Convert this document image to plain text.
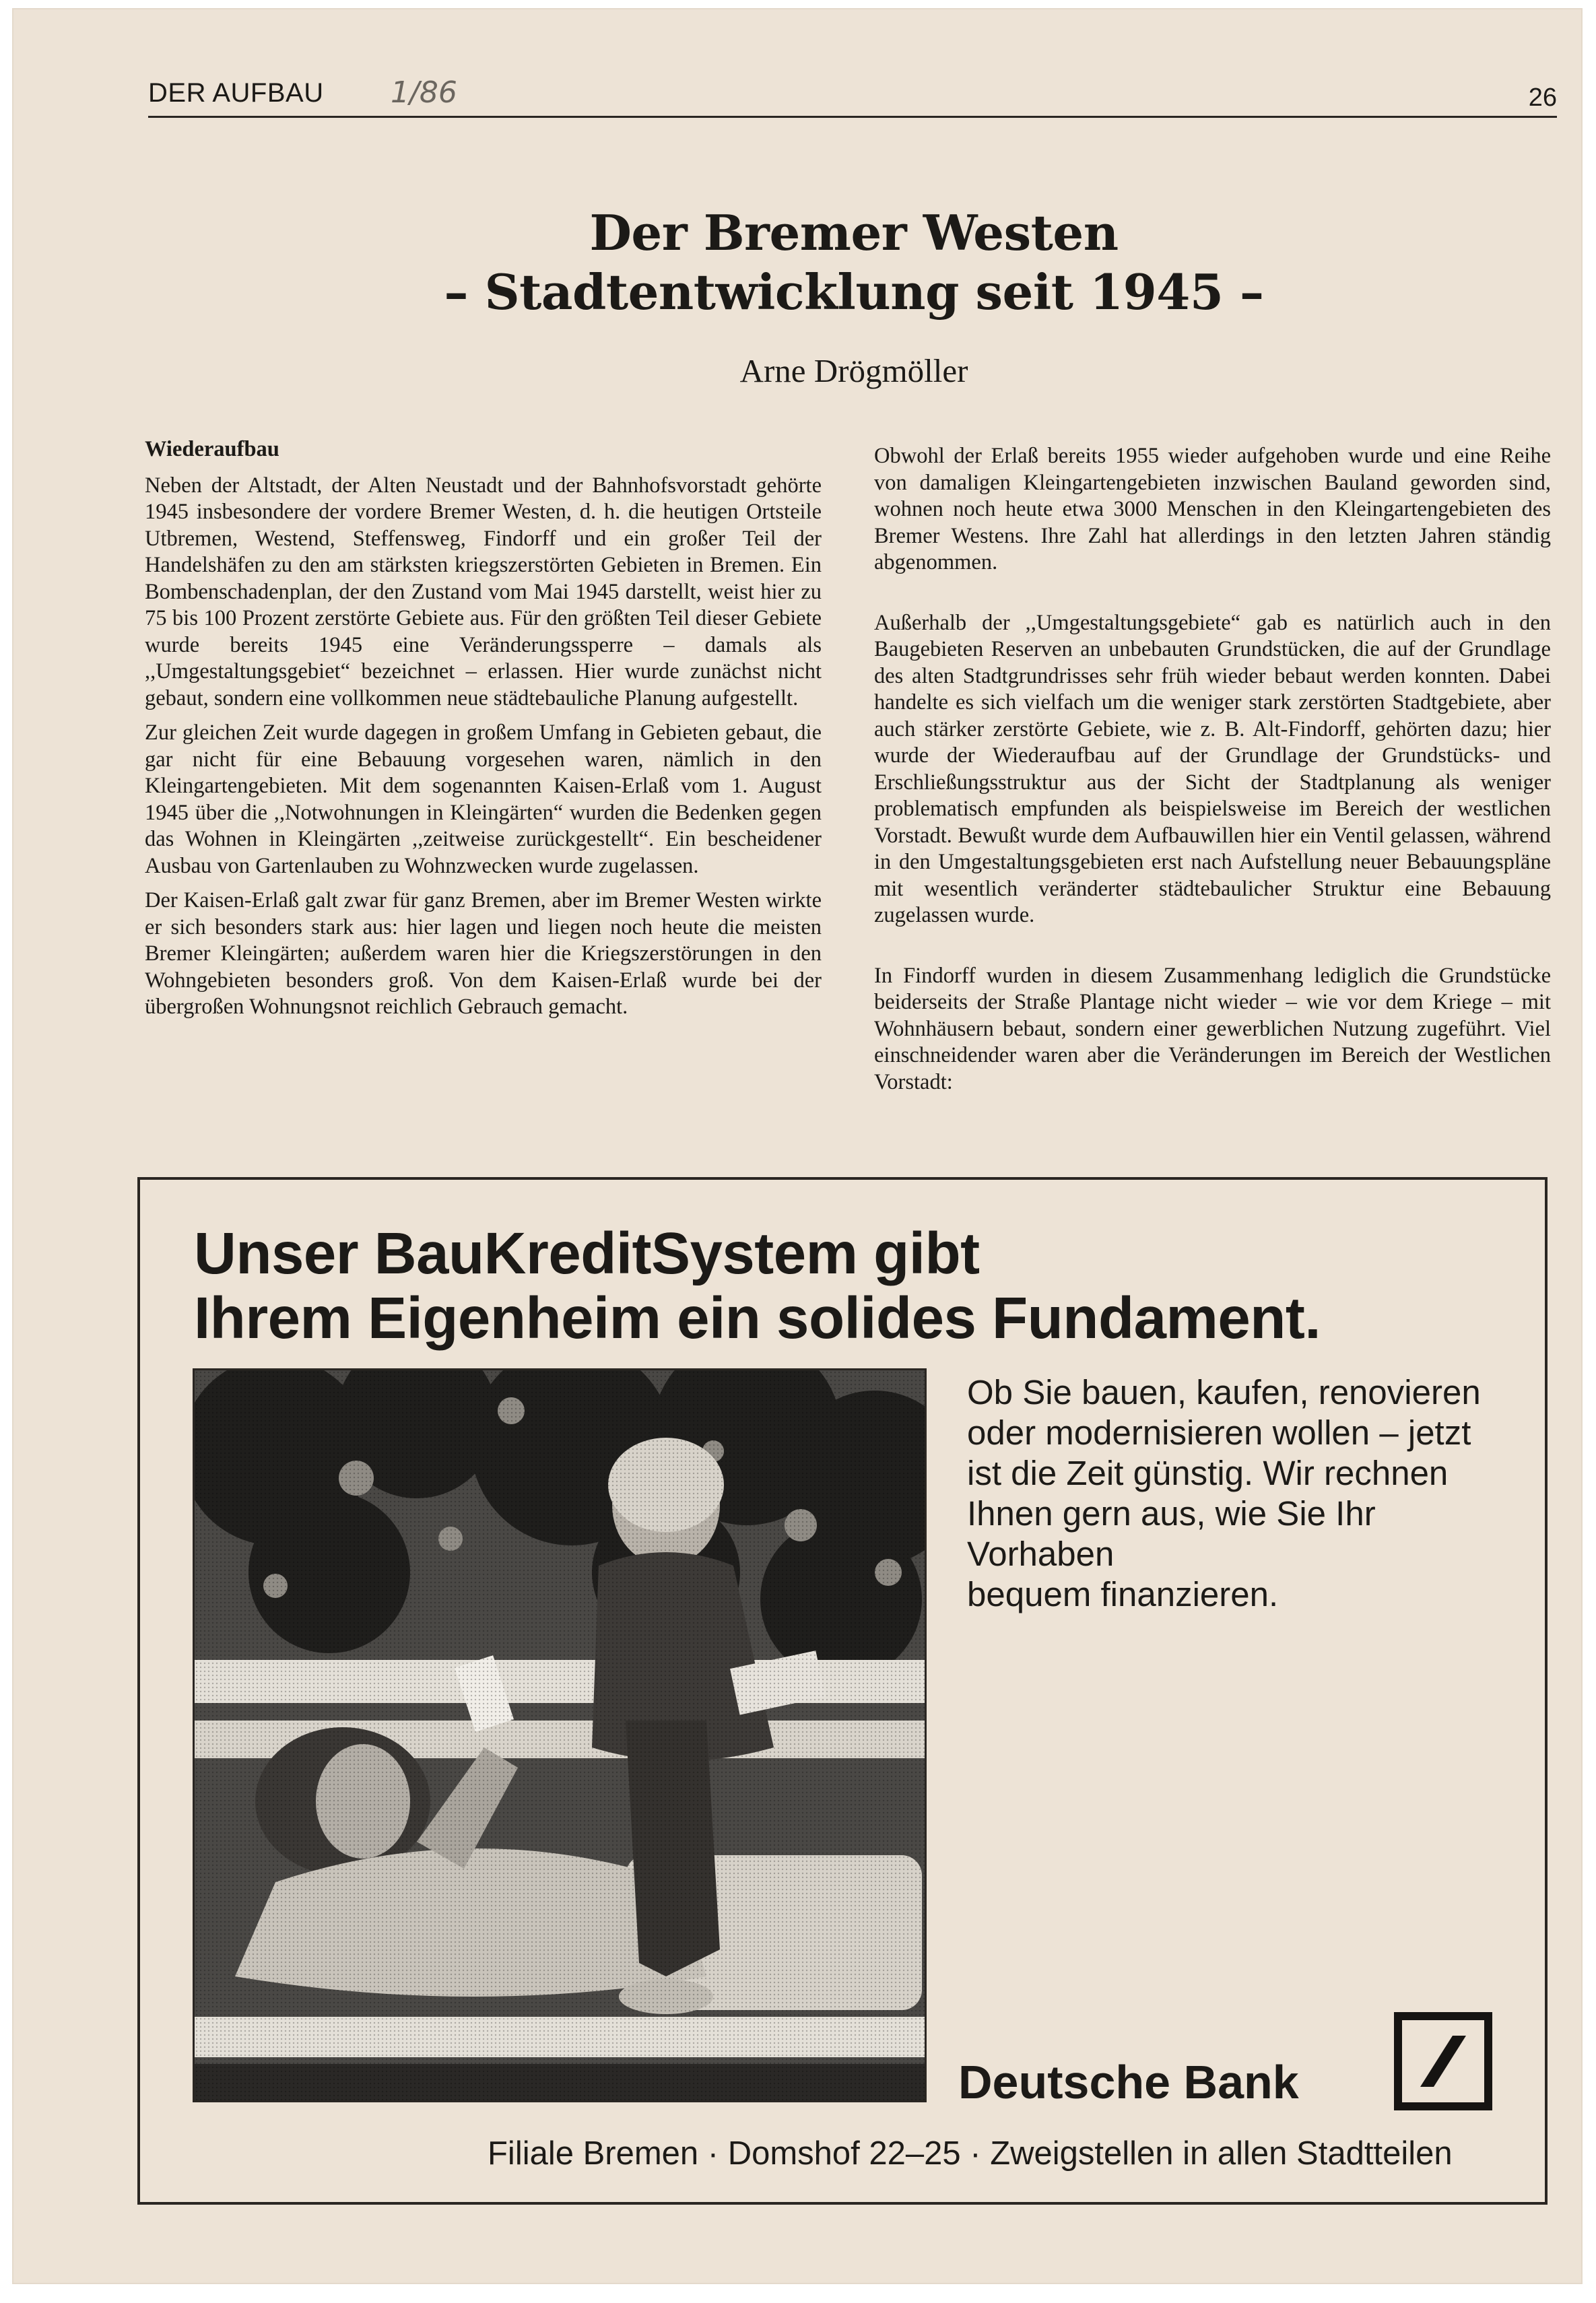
DER AUFBAU 1/86	26
Der Bremer Westen
– Stadtentwicklung seit 1945 –
Arne Drögmöller

Wiederaufbau

Neben der Altstadt, der Alten Neustadt und der Bahnhofsvorstadt gehörte 1945 insbesondere der vordere Bremer Westen, d. h. die heutigen Ortsteile Utbremen, Westend, Steffensweg, Findorff und ein großer Teil der Handelshäfen zu den am stärksten kriegszerstörten Gebieten in Bremen. Ein Bombenschadenplan, der den Zustand vom Mai 1945 darstellt, weist hier zu 75 bis 100 Prozent zerstörte Gebiete aus. Für den größten Teil dieser Gebiete wurde bereits 1945 eine Veränderungssperre – damals als ,,Umgestaltungsgebiet“ bezeichnet – erlassen. Hier wurde zunächst nicht gebaut, sondern eine vollkommen neue städtebauliche Planung aufgestellt.

Zur gleichen Zeit wurde dagegen in großem Umfang in Gebieten gebaut, die gar nicht für eine Bebauung vorgesehen waren, nämlich in den Kleingartengebieten. Mit dem sogenannten Kaisen-Erlaß vom 1. August 1945 über die ,,Notwohnungen in Kleingärten“ wurden die Bedenken gegen das Wohnen in Kleingärten ,,zeitweise zurückgestellt“. Ein bescheidener Ausbau von Gartenlauben zu Wohnzwecken wurde zugelassen.

Der Kaisen-Erlaß galt zwar für ganz Bremen, aber im Bremer Westen wirkte er sich besonders stark aus: hier lagen und liegen noch heute die meisten Bremer Kleingärten; außerdem waren hier die Kriegszerstörungen in den Wohngebieten besonders groß. Von dem Kaisen-Erlaß wurde bei der übergroßen Wohnungsnot reichlich Gebrauch gemacht.

Obwohl der Erlaß bereits 1955 wieder aufgehoben wurde und eine Reihe von damaligen Kleingartengebieten inzwischen Bauland geworden sind, wohnen noch heute etwa 3000 Menschen in den Kleingartengebieten des Bremer Westens. Ihre Zahl hat allerdings in den letzten Jahren ständig abgenommen.

Außerhalb der ,,Umgestaltungsgebiete“ gab es natürlich auch in den Baugebieten Reserven an unbebauten Grundstücken, die auf der Grundlage des alten Stadtgrundrisses sehr früh wieder bebaut werden konnten. Dabei handelte es sich vielfach um die weniger stark zerstörten Stadtgebiete, aber auch stärker zerstörte Gebiete, wie z. B. Alt-Findorff, gehörten dazu; hier wurde der Wiederaufbau auf der Grundlage der Grundstücks- und Erschließungsstruktur aus der Sicht der Stadtplanung als weniger problematisch empfunden als beispielsweise im Bereich der westlichen Vorstadt. Bewußt wurde dem Aufbauwillen hier ein Ventil gelassen, während in den Umgestaltungsgebieten erst nach Aufstellung neuer Bebauungspläne mit wesentlich veränderter städtebaulicher Struktur eine Bebauung zugelassen wurde.

In Findorff wurden in diesem Zusammenhang lediglich die Grundstücke beiderseits der Straße Plantage nicht wieder – wie vor dem Kriege – mit Wohnhäusern bebaut, sondern einer gewerblichen Nutzung zugeführt. Viel einschneidender waren aber die Veränderungen im Bereich der Westlichen Vorstadt:

Unser BauKreditSystem gibt
Ihrem Eigenheim ein solides Fundament.
Ob Sie bauen, kaufen, renovieren
oder modernisieren wollen – jetzt
ist die Zeit günstig. Wir rechnen
Ihnen gern aus, wie Sie Ihr Vorhaben
bequem finanzieren.
Deutsche Bank
Filiale Bremen · Domshof 22–25 · Zweigstellen in allen Stadtteilen
